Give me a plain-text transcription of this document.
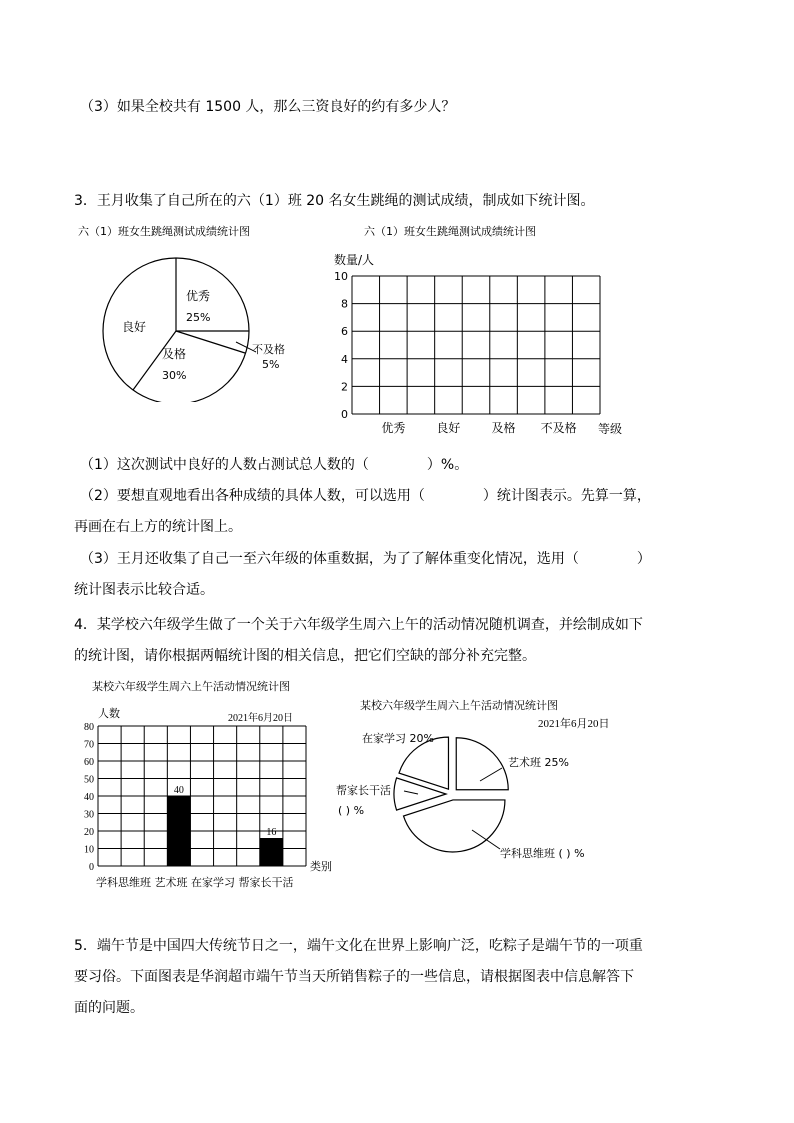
（3）如果全校共有 1500 人，那么三资良好的约有多少人？
3．王月收集了自己所在的六（1）班 20 名女生跳绳的测试成绩，制成如下统计图。
六（1）班女生跳绳测试成绩统计图	六（1）班女生跳绳测试成绩统计图
优秀
25%
良好
及格
30%
不及格
5%
数量/人
10
8
6
4
2
0
优秀	良好	及格 不及格 等级
（1）这次测试中良好的人数占测试总人数的（	）%。
（2）要想直观地看出各种成绩的具体人数，可以选用（	）统计图表示。先算一算，
再画在右上方的统计图上。
（3）王月还收集了自己一至六年级的体重数据，为了了解体重变化情况，选用（	）
统计图表示比较合适。
4．某学校六年级学生做了一个关于六年级学生周六上午的活动情况随机调查，并绘制成如下
的统计图，请你根据两幅统计图的相关信息，把它们空缺的部分补充完整。
某校六年级学生周六上午活动情况统计图
人数	2021年6月20日
0
10
20
30
40
50
60
70
80
40
16
类别
学科思维班 艺术班 在家学习 帮家长干活
某校六年级学生周六上午活动情况统计图
2021年6月20日
在家学习 20%
艺术班 25%
帮家长干活
( ) %
学科思维班 ( ) %
5．端午节是中国四大传统节日之一，端午文化在世界上影响广泛，吃粽子是端午节的一项重
要习俗。下面图表是华润超市端午节当天所销售粽子的一些信息，请根据图表中信息解答下
面的问题。
